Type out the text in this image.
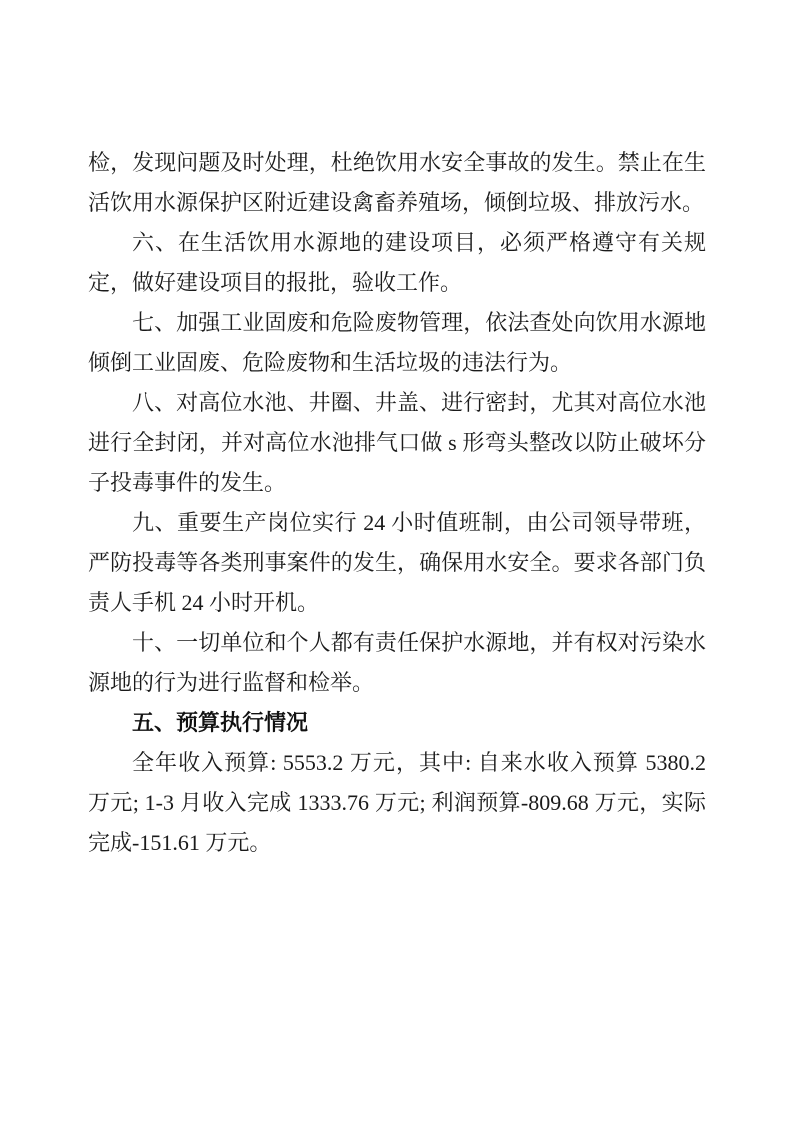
检，发现问题及时处理，杜绝饮用水安全事故的发生。禁止在生活饮用水源保护区附近建设禽畜养殖场，倾倒垃圾、排放污水。

六、在生活饮用水源地的建设项目，必须严格遵守有关规定，做好建设项目的报批，验收工作。

七、加强工业固废和危险废物管理，依法查处向饮用水源地倾倒工业固废、危险废物和生活垃圾的违法行为。

八、对高位水池、井圈、井盖、进行密封，尤其对高位水池进行全封闭，并对高位水池排气口做 s 形弯头整改以防止破坏分子投毒事件的发生。

九、重要生产岗位实行 24 小时值班制，由公司领导带班，严防投毒等各类刑事案件的发生，确保用水安全。要求各部门负责人手机 24 小时开机。

十、一切单位和个人都有责任保护水源地，并有权对污染水源地的行为进行监督和检举。

五、预算执行情况

全年收入预算: 5553.2 万元，其中: 自来水收入预算 5380.2 万元; 1-3 月收入完成 1333.76 万元; 利润预算-809.68 万元，实际完成-151.61 万元。
